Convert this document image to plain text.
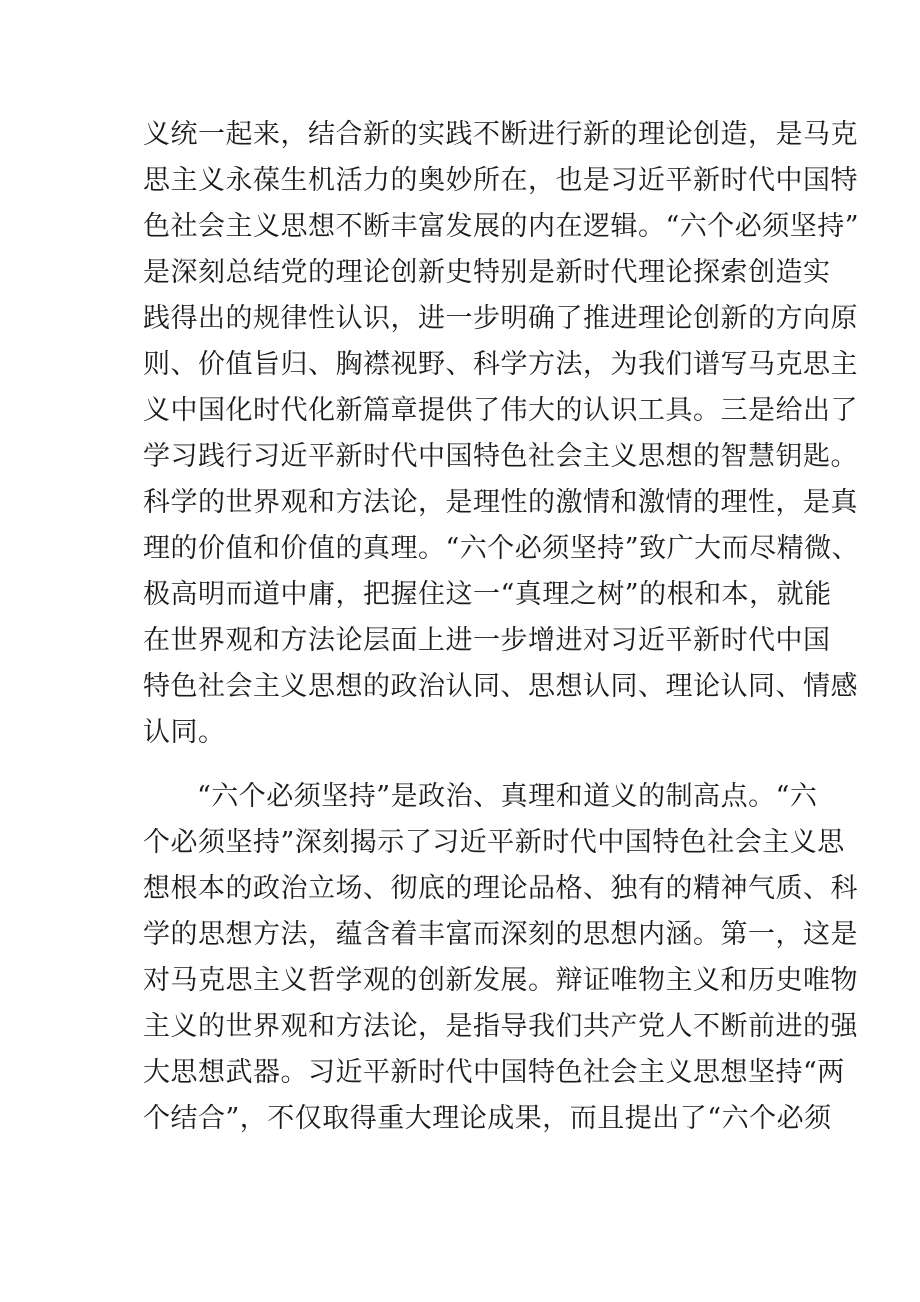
义统一起来，结合新的实践不断进行新的理论创造，是马克
思主义永葆生机活力的奥妙所在，也是习近平新时代中国特
色社会主义思想不断丰富发展的内在逻辑。“六个必须坚持”
是深刻总结党的理论创新史特别是新时代理论探索创造实
践得出的规律性认识，进一步明确了推进理论创新的方向原
则、价值旨归、胸襟视野、科学方法，为我们谱写马克思主
义中国化时代化新篇章提供了伟大的认识工具。三是给出了
学习践行习近平新时代中国特色社会主义思想的智慧钥匙。
科学的世界观和方法论，是理性的激情和激情的理性，是真
理的价值和价值的真理。“六个必须坚持”致广大而尽精微、
极高明而道中庸，把握住这一“真理之树”的根和本，就能
在世界观和方法论层面上进一步增进对习近平新时代中国
特色社会主义思想的政治认同、思想认同、理论认同、情感
认同。
“六个必须坚持”是政治、真理和道义的制高点。“六
个必须坚持”深刻揭示了习近平新时代中国特色社会主义思
想根本的政治立场、彻底的理论品格、独有的精神气质、科
学的思想方法，蕴含着丰富而深刻的思想内涵。第一，这是
对马克思主义哲学观的创新发展。辩证唯物主义和历史唯物
主义的世界观和方法论，是指导我们共产党人不断前进的强
大思想武器。习近平新时代中国特色社会主义思想坚持“两
个结合”，不仅取得重大理论成果，而且提出了“六个必须
